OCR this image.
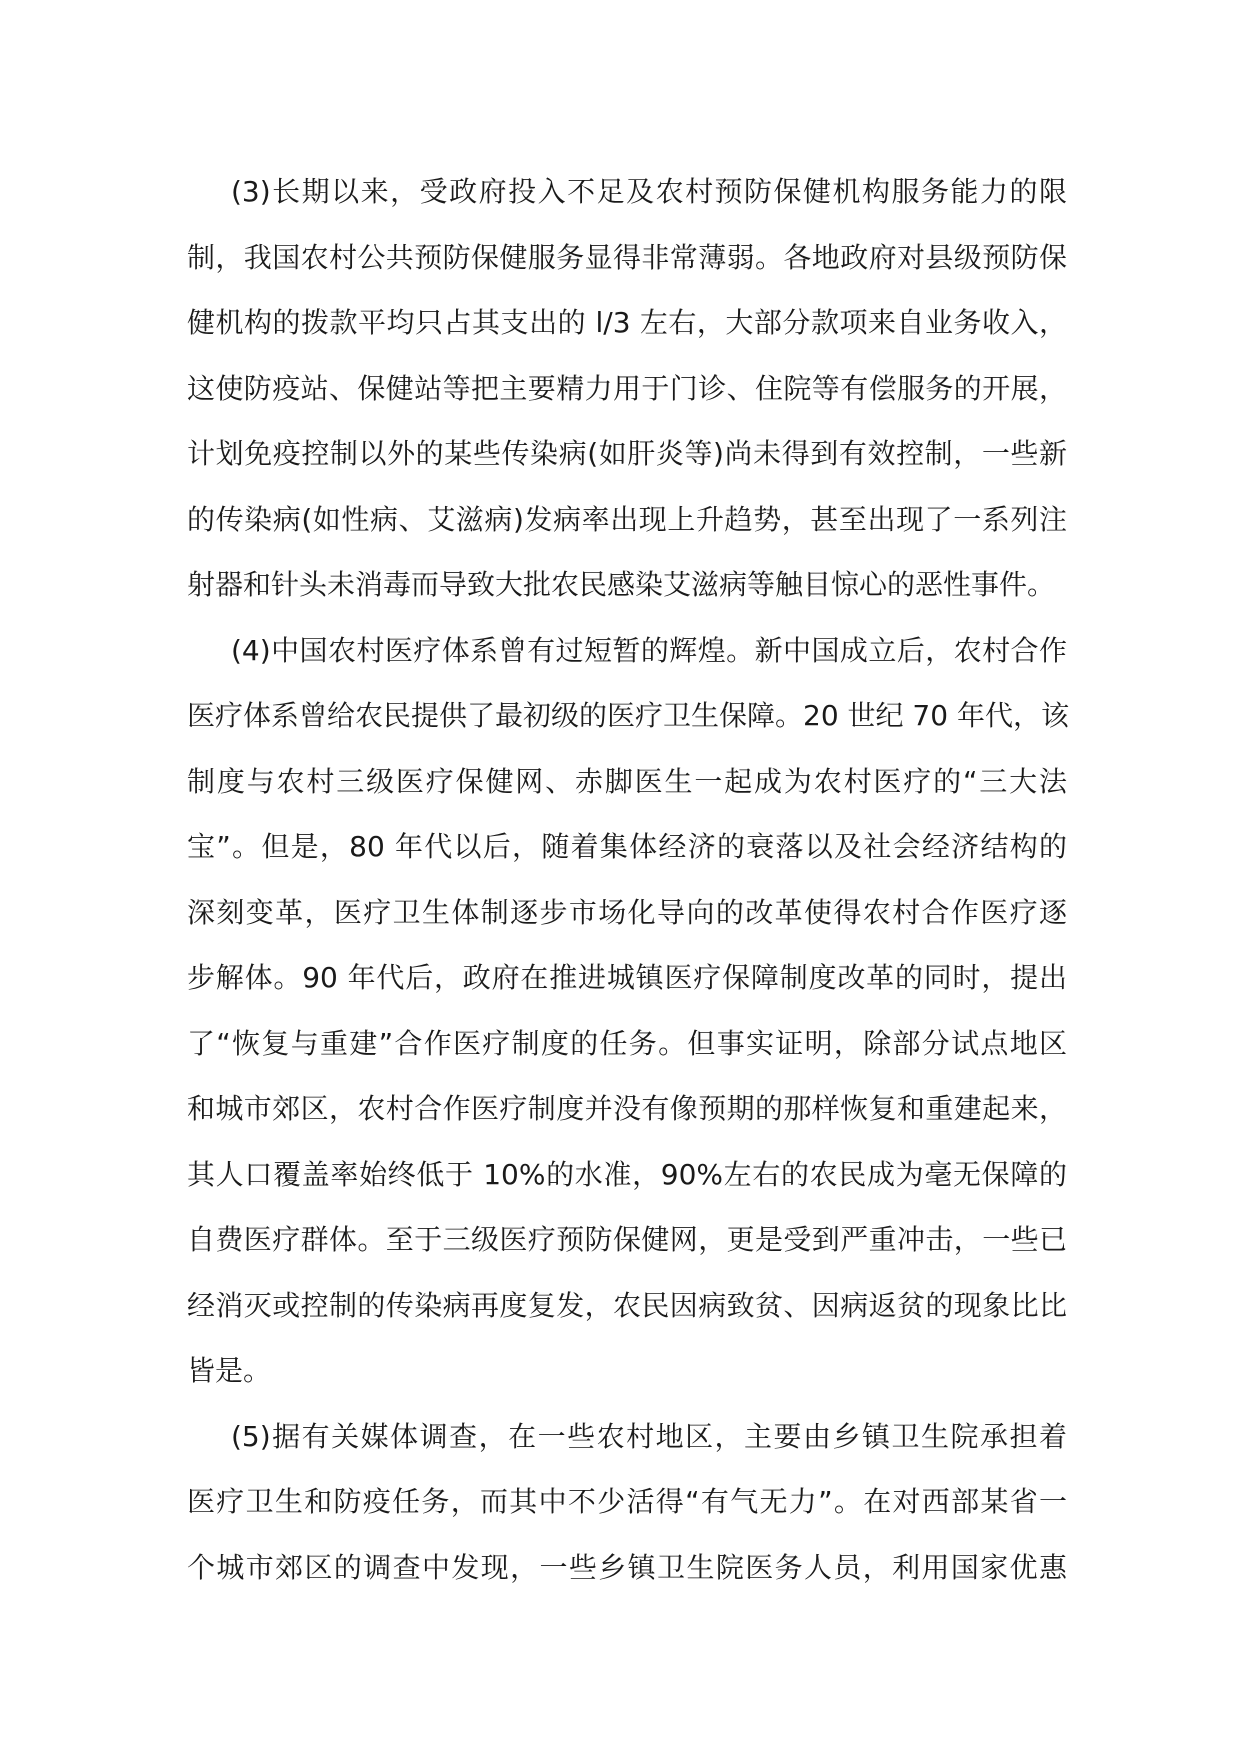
(3)长期以来，受政府投入不足及农村预防保健机构服务能力的限
制，我国农村公共预防保健服务显得非常薄弱。各地政府对县级预防保
健机构的拨款平均只占其支出的 l/3 左右，大部分款项来自业务收入，
这使防疫站、保健站等把主要精力用于门诊、住院等有偿服务的开展，
计划免疫控制以外的某些传染病(如肝炎等)尚未得到有效控制，一些新
的传染病(如性病、艾滋病)发病率出现上升趋势，甚至出现了一系列注
射器和针头未消毒而导致大批农民感染艾滋病等触目惊心的恶性事件。
(4)中国农村医疗体系曾有过短暂的辉煌。新中国成立后，农村合作
医疗体系曾给农民提供了最初级的医疗卫生保障。20 世纪 70 年代，该
制度与农村三级医疗保健网、赤脚医生一起成为农村医疗的“三大法
宝”。但是，80 年代以后，随着集体经济的衰落以及社会经济结构的
深刻变革，医疗卫生体制逐步市场化导向的改革使得农村合作医疗逐
步解体。90 年代后，政府在推进城镇医疗保障制度改革的同时，提出
了“恢复与重建”合作医疗制度的任务。但事实证明，除部分试点地区
和城市郊区，农村合作医疗制度并没有像预期的那样恢复和重建起来，
其人口覆盖率始终低于 10%的水准，90%左右的农民成为毫无保障的
自费医疗群体。至于三级医疗预防保健网，更是受到严重冲击，一些已
经消灭或控制的传染病再度复发，农民因病致贫、因病返贫的现象比比
皆是。
(5)据有关媒体调查，在一些农村地区，主要由乡镇卫生院承担着
医疗卫生和防疫任务，而其中不少活得“有气无力”。在对西部某省一
个城市郊区的调查中发现，一些乡镇卫生院医务人员，利用国家优惠
